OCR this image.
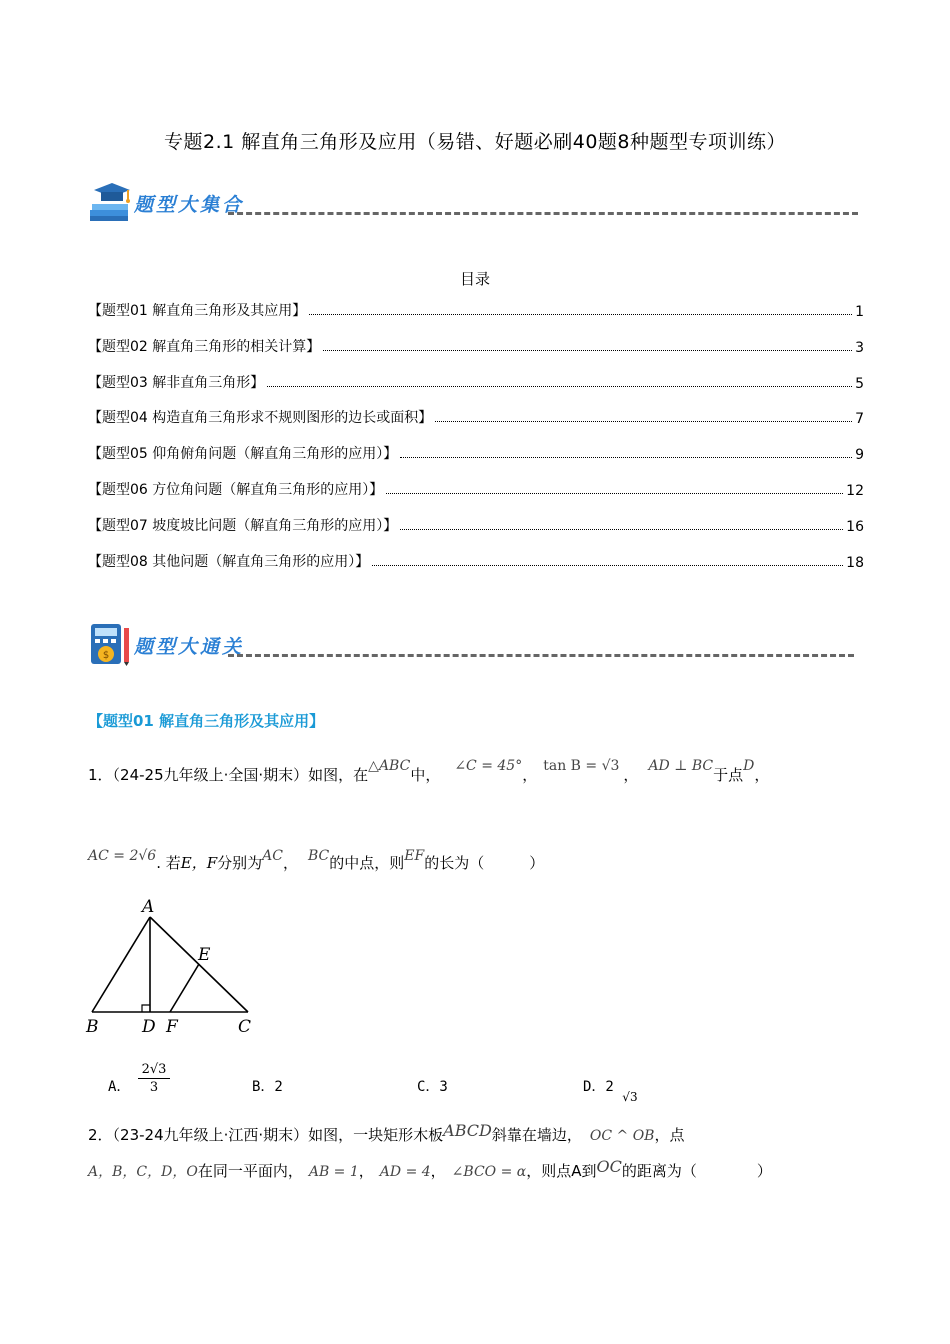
专题2.1 解直角三角形及应用（易错、好题必刷40题8种题型专项训练）
题型大集合
目录
【题型01 解直角三角形及其应用】	1
【题型02 解直角三角形的相关计算】	3
【题型03 解非直角三角形】	5
【题型04 构造直角三角形求不规则图形的边长或面积】	7
【题型05 仰角俯角问题（解直角三角形的应用）】	9
【题型06 方位角问题（解直角三角形的应用）】	12
【题型07 坡度坡比问题（解直角三角形的应用）】	16
【题型08 其他问题（解直角三角形的应用）】	18
$ 题型大通关
【题型01 解直角三角形及其应用】
1．（24-25九年级上·全国·期末）如图，在△ABC中， ∠C = 45°， tan B = √3 ， AD ⊥ BC于点D，
AC = 2√6. 若E，F分别为AC， BC的中点，则EF的长为（　　　）
A
E
B	D F	C
A． $\frac{2√3}{3}$	B．2	C．3	D．2 √3
2．（23-24九年级上·江西·期末）如图，一块矩形木板ABCD斜靠在墙边， OC ^ OB，点
A，B，C，D，O在同一平面内， AB = 1， AD = 4， ∠BCO = α，则点A到OC的距离为（　　　　）
